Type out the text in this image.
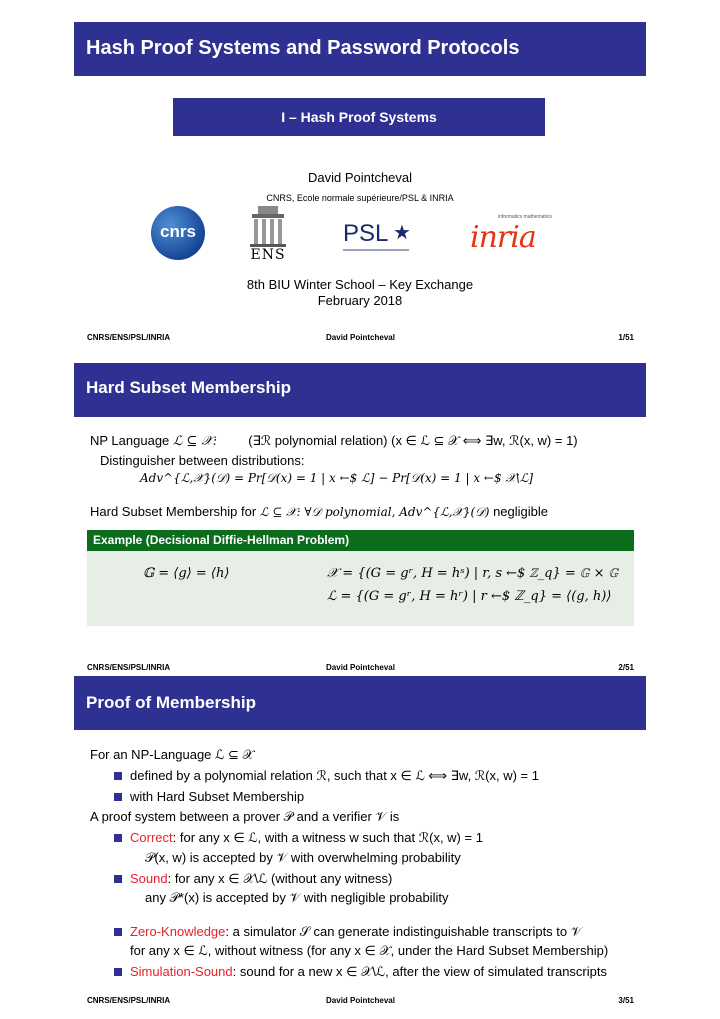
Hash Proof Systems and Password Protocols
I – Hash Proof Systems
David Pointcheval
CNRS, Ecole normale supérieure/PSL & INRIA
cnrs
ENS
PSL ★
informatics mathematics
inria
8th BIU Winter School – Key Exchange
February 2018
CNRS/ENS/PSL/INRIA	David Pointcheval	1/51
Hard Subset Membership
NP Language ℒ ⊆ 𝒳: (∃ℛ polynomial relation) (x ∈ ℒ ⊆ 𝒳 ⟺ ∃w, ℛ(x, w) = 1)
Distinguisher between distributions:
Adv^{ℒ,𝒳}(𝒟) = Pr[𝒟(x) = 1 | x ←$ ℒ] − Pr[𝒟(x) = 1 | x ←$ 𝒳\ℒ]
Hard Subset Membership for ℒ ⊆ 𝒳: ∀𝒟 polynomial, Adv^{ℒ,𝒳}(𝒟) negligible
Example (Decisional Diffie-Hellman Problem)
𝔾 = ⟨g⟩ = ⟨h⟩	𝒳 = {(G = gʳ, H = hˢ) | r, s ←$ ℤ_q} = 𝔾 × 𝔾
ℒ = {(G = gʳ, H = hʳ) | r ←$ ℤ_q} = ⟨(g, h)⟩
CNRS/ENS/PSL/INRIA	David Pointcheval	2/51
Proof of Membership
For an NP-Language ℒ ⊆ 𝒳
defined by a polynomial relation ℛ, such that x ∈ ℒ ⟺ ∃w, ℛ(x, w) = 1
with Hard Subset Membership
A proof system between a prover 𝒫 and a verifier 𝒱 is
Correct: for any x ∈ ℒ, with a witness w such that ℛ(x, w) = 1
𝒫(x, w) is accepted by 𝒱 with overwhelming probability
Sound: for any x ∈ 𝒳\ℒ (without any witness)
any 𝒫*(x) is accepted by 𝒱 with negligible probability
Zero-Knowledge: a simulator 𝒮 can generate indistinguishable transcripts to 𝒱
for any x ∈ ℒ, without witness (for any x ∈ 𝒳, under the Hard Subset Membership)
Simulation-Sound: sound for a new x ∈ 𝒳\ℒ, after the view of simulated transcripts
CNRS/ENS/PSL/INRIA	David Pointcheval	3/51
